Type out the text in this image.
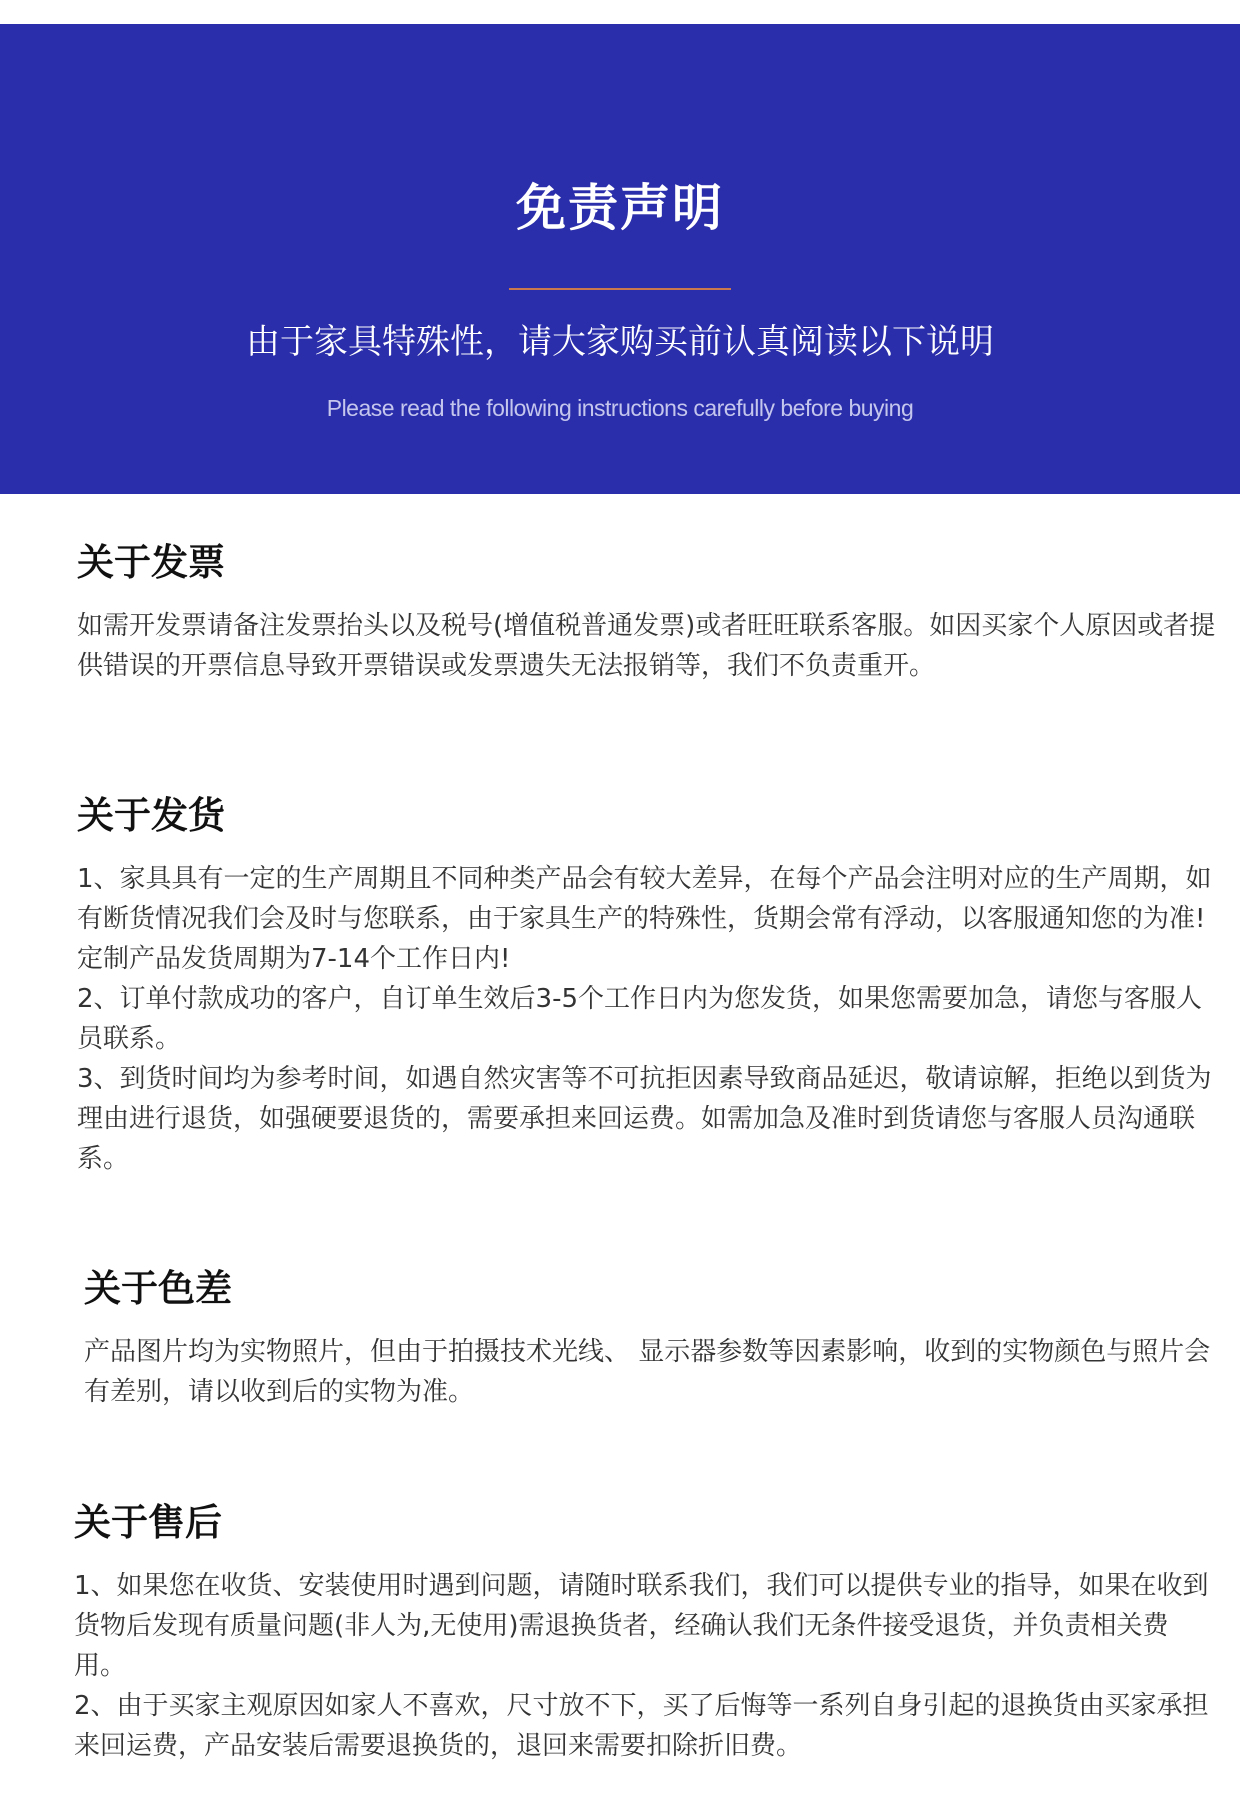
免责声明
由于家具特殊性，请大家购买前认真阅读以下说明
Please read the following instructions carefully before buying
关于发票

如需开发票请备注发票抬头以及税号(增值税普通发票)或者旺旺联系客服。如因买家个人原因或者提供错误的开票信息导致开票错误或发票遗失无法报销等，我们不负责重开。

关于发货

1、家具具有一定的生产周期且不同种类产品会有较大差异，在每个产品会注明对应的生产周期，如有断货情况我们会及时与您联系，由于家具生产的特殊性，货期会常有浮动，以客服通知您的为准!定制产品发货周期为7-14个工作日内!

2、订单付款成功的客户，自订单生效后3-5个工作日内为您发货，如果您需要加急，请您与客服人员联系。

3、到货时间均为参考时间，如遇自然灾害等不可抗拒因素导致商品延迟，敬请谅解，拒绝以到货为理由进行退货，如强硬要退货的，需要承担来回运费。如需加急及准时到货请您与客服人员沟通联系。

关于色差

产品图片均为实物照片，但由于拍摄技术光线、 显示器参数等因素影响，收到的实物颜色与照片会有差别，请以收到后的实物为准。

关于售后

1、如果您在收货、安装使用时遇到问题，请随时联系我们，我们可以提供专业的指导，如果在收到货物后发现有质量问题(非人为,无使用)需退换货者，经确认我们无条件接受退货，并负责相关费用。

2、由于买家主观原因如家人不喜欢，尺寸放不下，买了后悔等一系列自身引起的退换货由买家承担来回运费，产品安装后需要退换货的，退回来需要扣除折旧费。
